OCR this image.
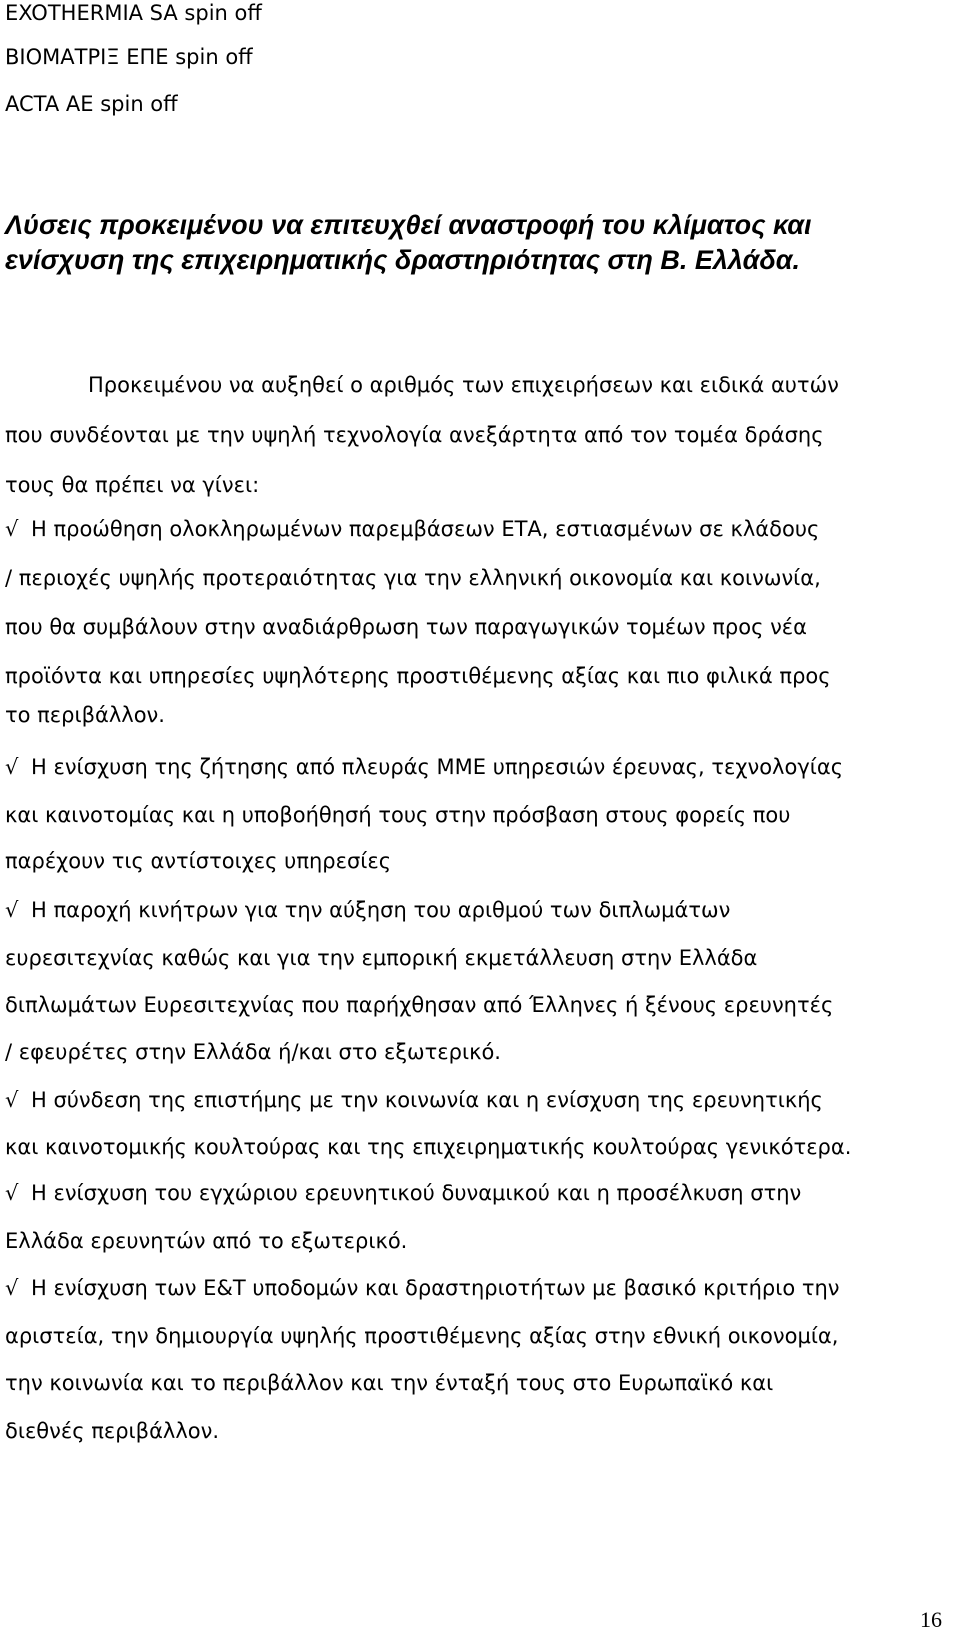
EXOTHERMIA SA spin off
ΒΙΟΜΑΤΡΙΞ ΕΠΕ spin off
ACTA AE spin off
Λύσεις προκειμένου να επιτευχθεί αναστροφή του κλίματος και ενίσχυση της επιχειρηματικής δραστηριότητας στη Β. Ελλάδα.
Προκειμένου να αυξηθεί ο αριθμός των επιχειρήσεων και ειδικά αυτών
που συνδέονται με την υψηλή τεχνολογία ανεξάρτητα από τον τομέα δράσης
τους θα πρέπει να γίνει:
√ Η προώθηση ολοκληρωμένων παρεμβάσεων ΕΤΑ, εστιασμένων σε κλάδους
/ περιοχές υψηλής προτεραιότητας για την ελληνική οικονομία και κοινωνία,
που θα συμβάλουν στην αναδιάρθρωση των παραγωγικών τομέων προς νέα
προϊόντα και υπηρεσίες υψηλότερης προστιθέμενης αξίας και πιο φιλικά προς
το περιβάλλον.
√ Η ενίσχυση της ζήτησης από πλευράς ΜΜΕ υπηρεσιών έρευνας, τεχνολογίας
και καινοτομίας και η υποβοήθησή τους στην πρόσβαση στους φορείς που
παρέχουν τις αντίστοιχες υπηρεσίες
√ Η παροχή κινήτρων για την αύξηση του αριθμού των διπλωμάτων
ευρεσιτεχνίας καθώς και για την εμπορική εκμετάλλευση στην Ελλάδα
διπλωμάτων Ευρεσιτεχνίας που παρήχθησαν από Έλληνες ή ξένους ερευνητές
/ εφευρέτες στην Ελλάδα ή/και στο εξωτερικό.
√ Η σύνδεση της επιστήμης με την κοινωνία και η ενίσχυση της ερευνητικής
και καινοτομικής κουλτούρας και της επιχειρηματικής κουλτούρας γενικότερα.
√ Η ενίσχυση του εγχώριου ερευνητικού δυναμικού και η προσέλκυση στην
Ελλάδα ερευνητών από το εξωτερικό.
√ Η ενίσχυση των Ε&Τ υποδομών και δραστηριοτήτων με βασικό κριτήριο την
αριστεία, την δημιουργία υψηλής προστιθέμενης αξίας στην εθνική οικονομία,
την κοινωνία και το περιβάλλον και την ένταξή τους στο Ευρωπαϊκό και
διεθνές περιβάλλον.
16
